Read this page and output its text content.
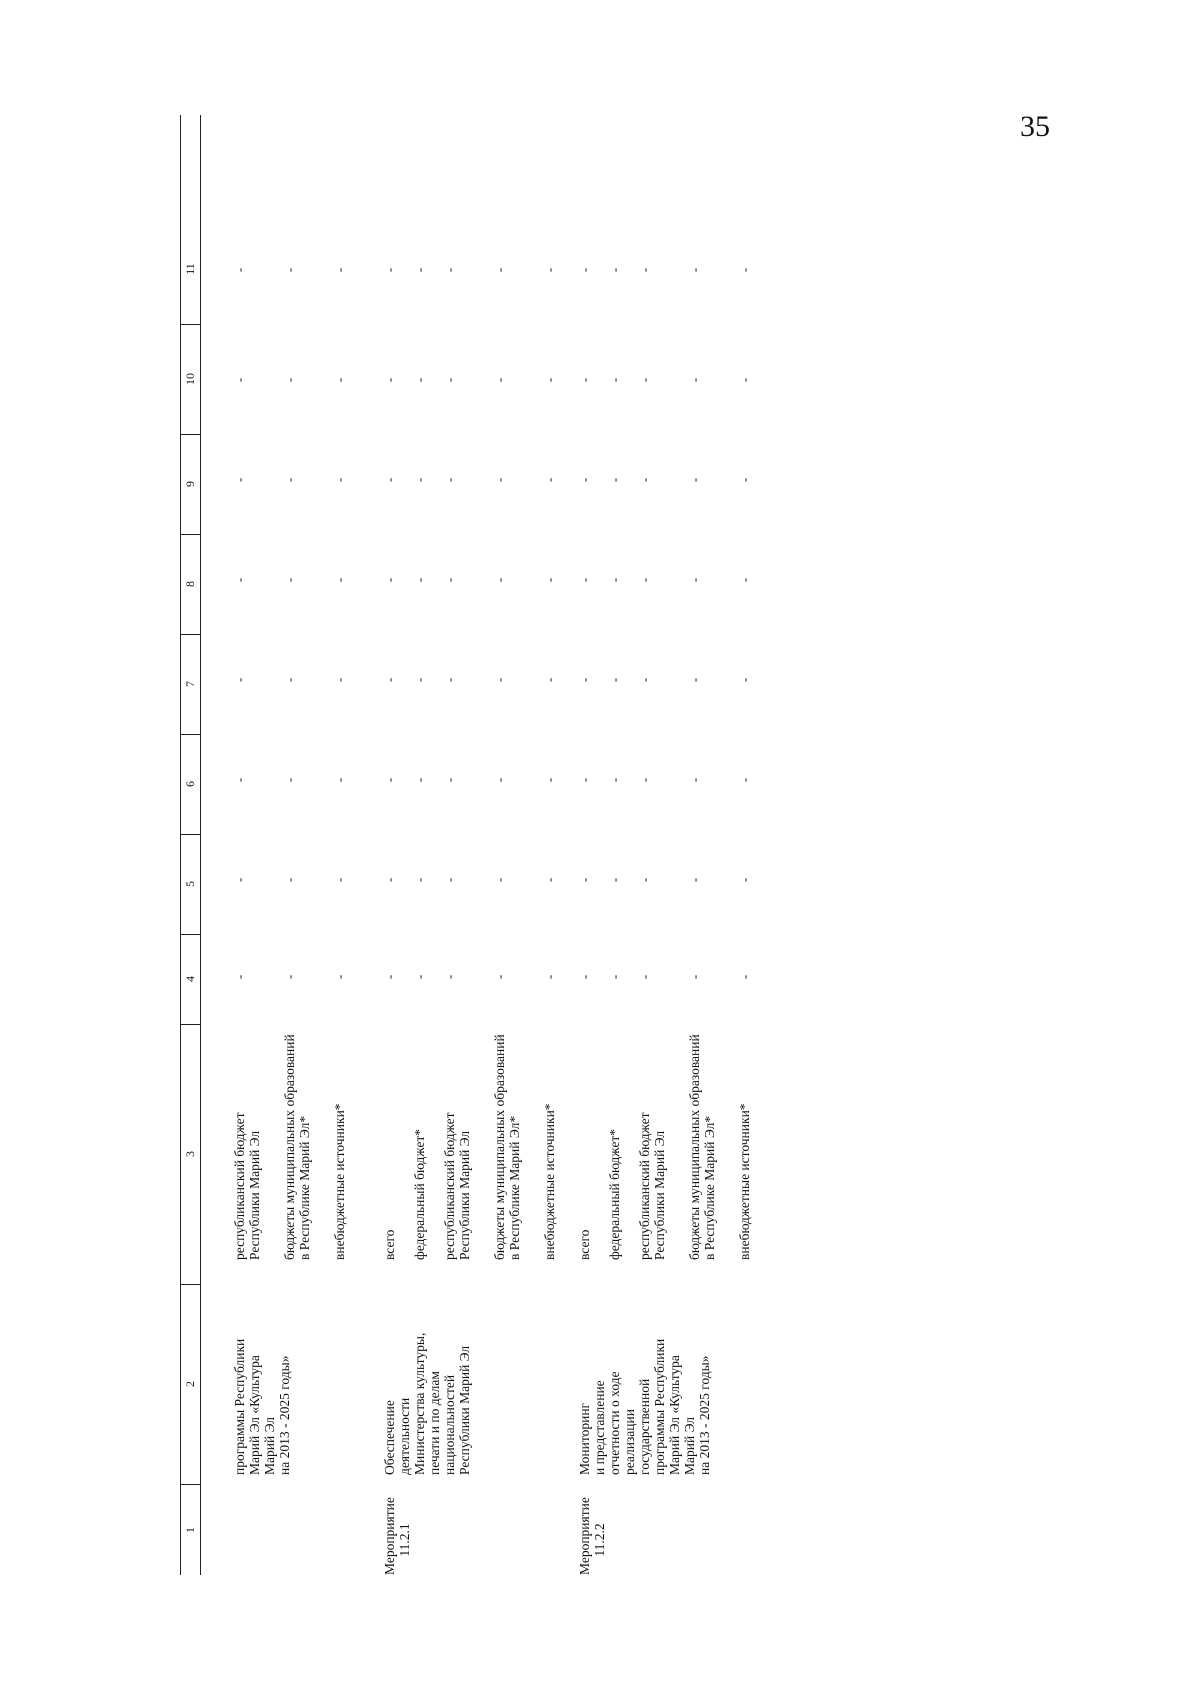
35
1
2
3
4
5
6
7
8
9
10
11
программы Республики
Марий Эл «Культура
Марий Эл
на 2013 - 2025 годы»
республиканский бюджет
Республики Марий Эл
-
-
-
-
-
-
-
-
бюджеты муниципальных образований
в Республике Марий Эл*
-
-
-
-
-
-
-
-
внебюджетные источники*
-
-
-
-
-
-
-
-
Мероприятие
11.2.1
Обеспечение
деятельности
Министерства культуры,
печати и по делам
национальностей
Республики Марий Эл
всего
-
-
-
-
-
-
-
-
федеральный бюджет*
-
-
-
-
-
-
-
-
республиканский бюджет
Республики Марий Эл
-
-
-
-
-
-
-
-
бюджеты муниципальных образований
в Республике Марий Эл*
-
-
-
-
-
-
-
-
внебюджетные источники*
-
-
-
-
-
-
-
-
Мероприятие
11.2.2
Мониторинг
и представление
отчетности о ходе
реализации
государственной
программы Республики
Марий Эл «Культура
Марий Эл
на 2013 - 2025 годы»
всего
-
-
-
-
-
-
-
-
федеральный бюджет*
-
-
-
-
-
-
-
-
республиканский бюджет
Республики Марий Эл
-
-
-
-
-
-
-
-
бюджеты муниципальных образований
в Республике Марий Эл*
-
-
-
-
-
-
-
-
внебюджетные источники*
-
-
-
-
-
-
-
-
